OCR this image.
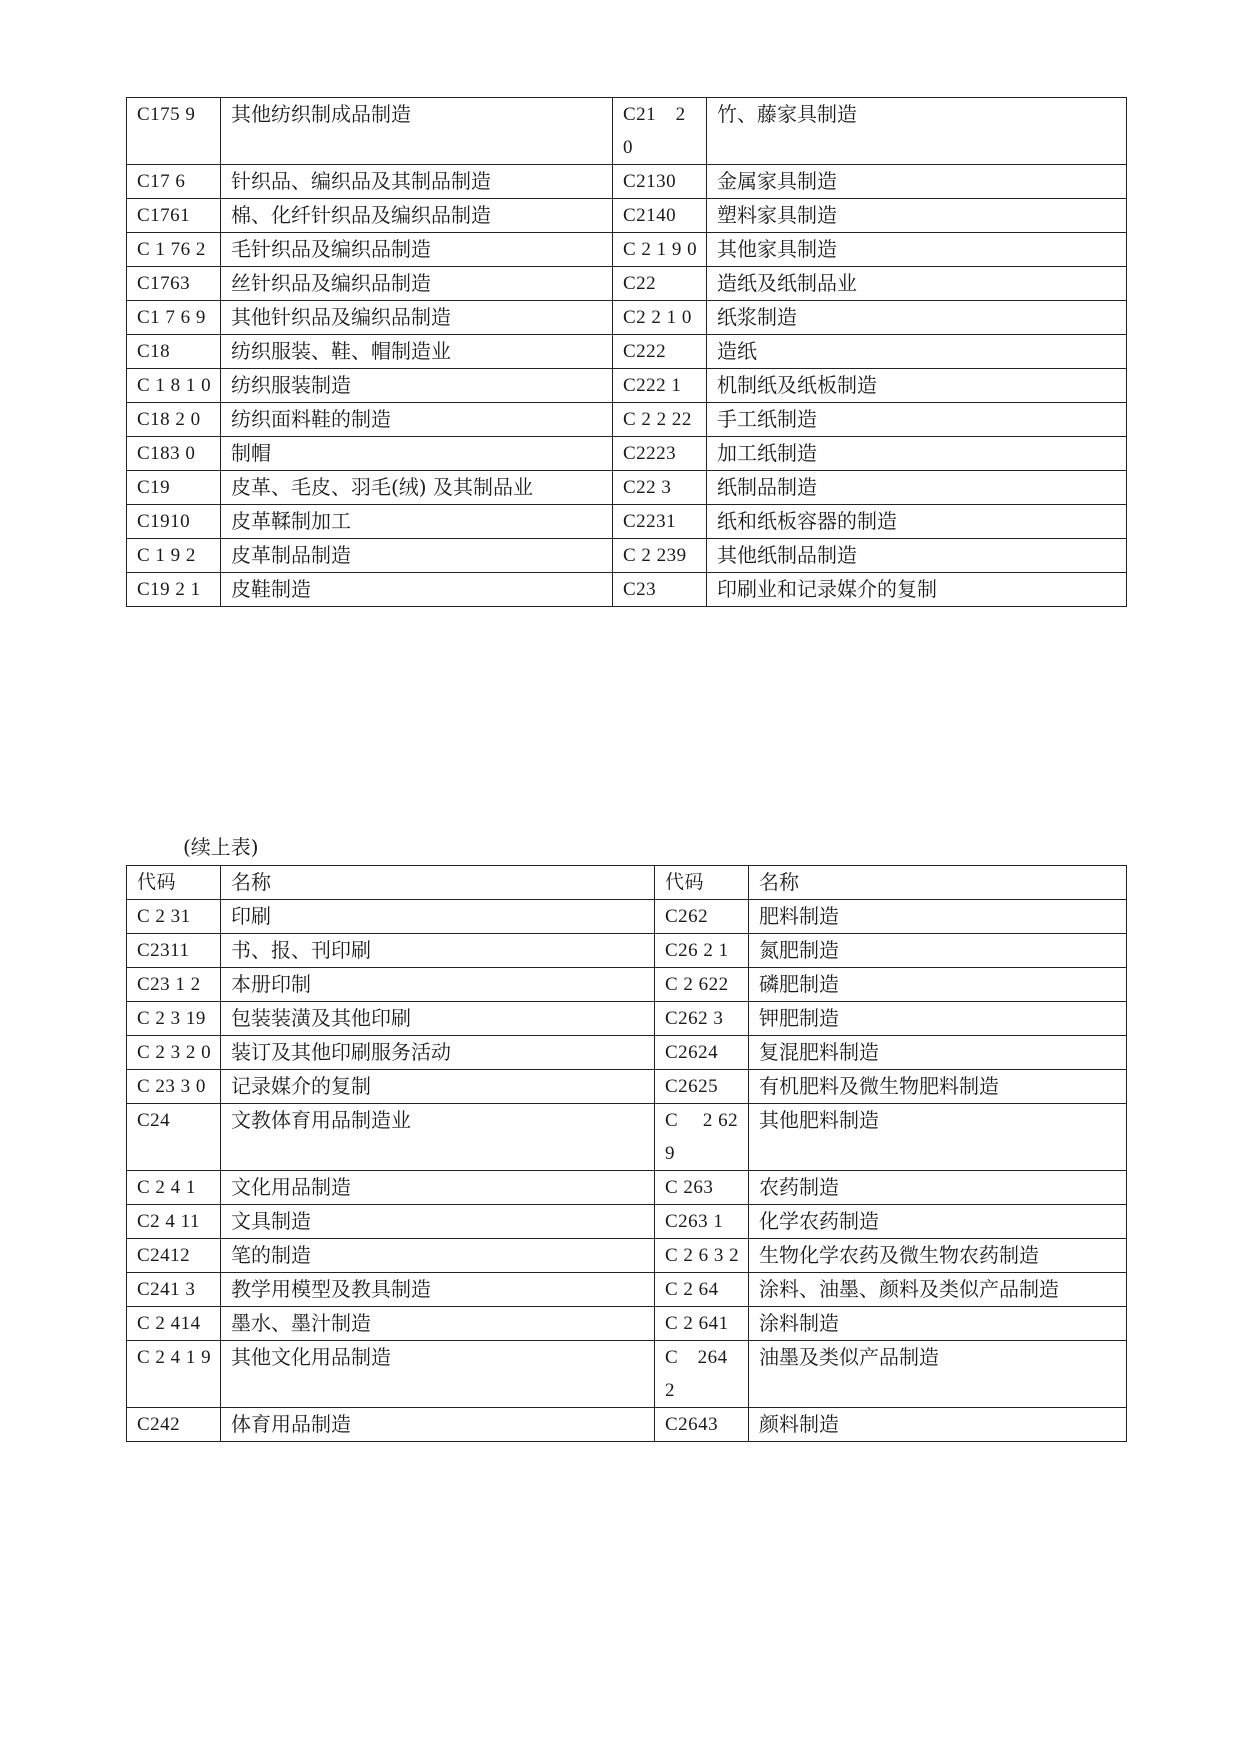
C175 9	其他纺织制成品制造	C21　2 0	竹、藤家具制造
C17 6	针织品、编织品及其制品制造	C2130	金属家具制造
C1761	棉、化纤针织品及编织品制造	C2140	塑料家具制造
C 1 76 2	毛针织品及编织品制造	C 2 1 9 0	其他家具制造
C1763	丝针织品及编织品制造	C22	造纸及纸制品业
C1 7 6 9	其他针织品及编织品制造	C2 2 1 0	纸浆制造
C18	纺织服装、鞋、帽制造业	C222	造纸
C 1 8 1 0	纺织服装制造	C222 1	机制纸及纸板制造
C18 2 0	纺织面料鞋的制造	C 2 2 22	手工纸制造
C183 0	制帽	C2223	加工纸制造
C19	皮革、毛皮、羽毛(绒) 及其制品业	C22 3	纸制品制造
C1910	皮革鞣制加工	C2231	纸和纸板容器的制造
C 1 9 2	皮革制品制造	C 2 239	其他纸制品制造
C19 2 1	皮鞋制造	C23	印刷业和记录媒介的复制
(续上表)
代码	名称	代码	名称
C 2 31	印刷	C262	肥料制造
C2311	书、报、刊印刷	C26 2 1	氮肥制造
C23 1 2	本册印制	C 2 622	磷肥制造
C 2 3 19	包装装潢及其他印刷	C262 3	钾肥制造
C 2 3 2 0	装订及其他印刷服务活动	C2624	复混肥料制造
C 23 3 0	记录媒介的复制	C2625	有机肥料及微生物肥料制造
C24	文教体育用品制造业	C　 2 629	其他肥料制造
C 2 4 1	文化用品制造	C 263	农药制造
C2 4 11	文具制造	C263 1	化学农药制造
C2412	笔的制造	C 2 6 3 2	生物化学农药及微生物农药制造
C241 3	教学用模型及教具制造	C 2 64	涂料、油墨、颜料及类似产品制造
C 2 414	墨水、墨汁制造	C 2 641	涂料制造
C 2 4 1 9	其他文化用品制造	C　264 2	油墨及类似产品制造
C242	体育用品制造	C2643	颜料制造
